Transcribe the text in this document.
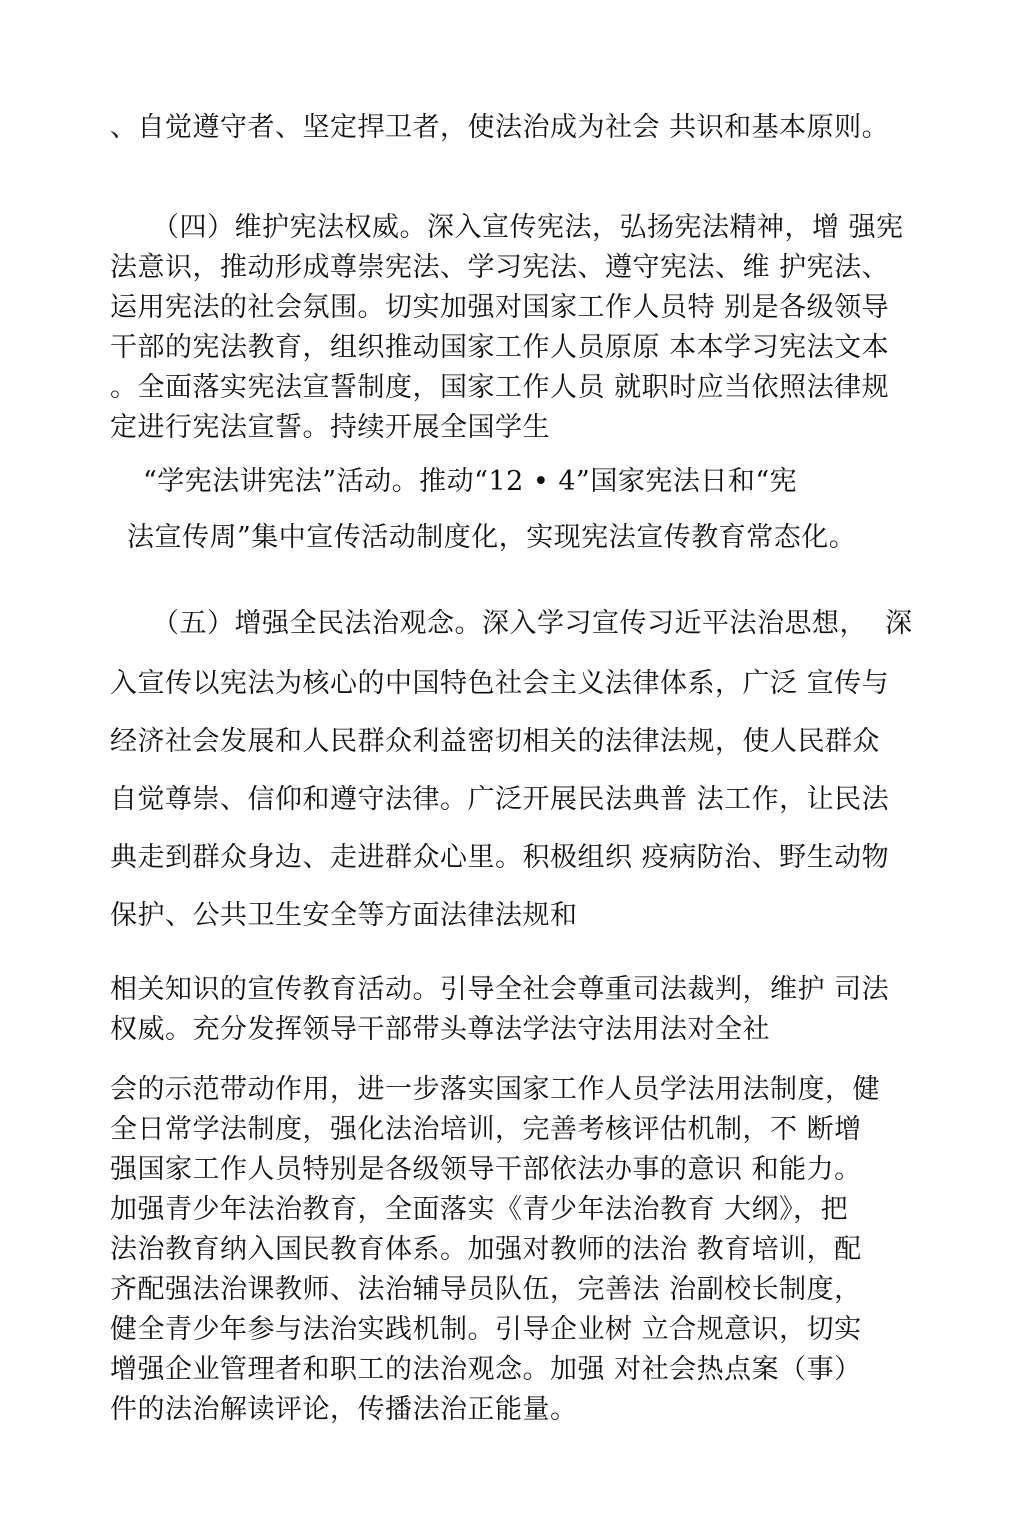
、自觉遵守者、坚定捍卫者，使法治成为社会 共识和基本原则。
（四）维护宪法权威。深入宣传宪法，弘扬宪法精神，增 强宪
法意识，推动形成尊崇宪法、学习宪法、遵守宪法、维 护宪法、
运用宪法的社会氛围。切实加强对国家工作人员特 别是各级领导
干部的宪法教育，组织推动国家工作人员原原 本本学习宪法文本
。全面落实宪法宣誓制度，国家工作人员 就职时应当依照法律规
定进行宪法宣誓。持续开展全国学生
“学宪法讲宪法”活动。推动“12 • 4”国家宪法日和“宪
法宣传周”集中宣传活动制度化，实现宪法宣传教育常态化。
（五）增强全民法治观念。深入学习宣传习近平法治思想，  深
入宣传以宪法为核心的中国特色社会主义法律体系，广泛 宣传与
经济社会发展和人民群众利益密切相关的法律法规，使人民群众
自觉尊崇、信仰和遵守法律。广泛开展民法典普 法工作，让民法
典走到群众身边、走进群众心里。积极组织 疫病防治、野生动物
保护、公共卫生安全等方面法律法规和
相关知识的宣传教育活动。引导全社会尊重司法裁判，维护 司法
权威。充分发挥领导干部带头尊法学法守法用法对全社
会的示范带动作用，进一步落实国家工作人员学法用法制度，健
全日常学法制度，强化法治培训，完善考核评估机制，不 断增
强国家工作人员特别是各级领导干部依法办事的意识 和能力。
加强青少年法治教育，全面落实《青少年法治教育 大纲》，把
法治教育纳入国民教育体系。加强对教师的法治 教育培训，配
齐配强法治课教师、法治辅导员队伍，完善法 治副校长制度，
健全青少年参与法治实践机制。引导企业树 立合规意识，切实
增强企业管理者和职工的法治观念。加强 对社会热点案（事）
件的法治解读评论，传播法治正能量。
